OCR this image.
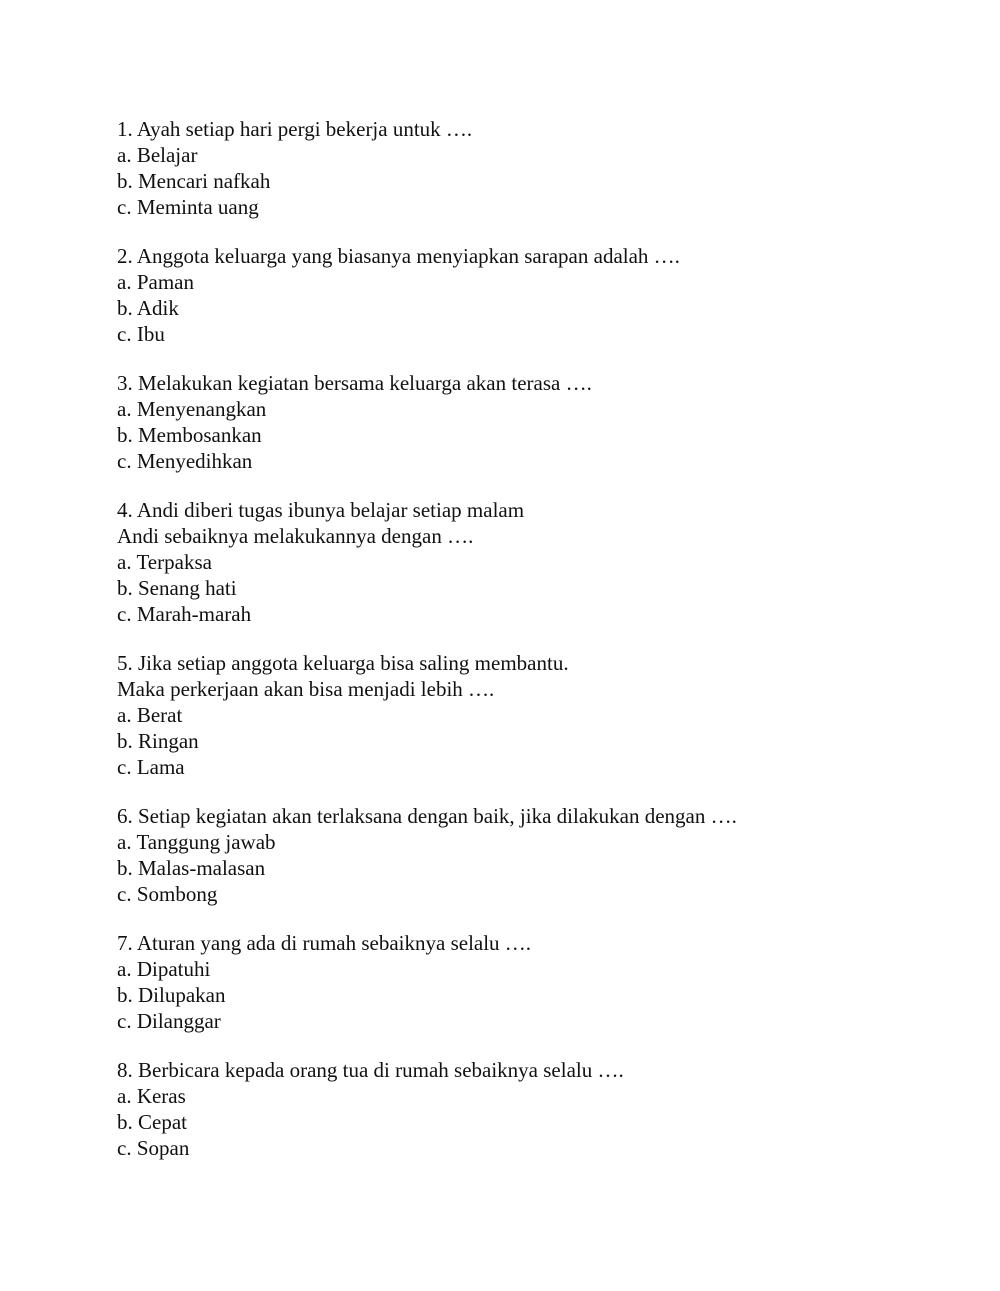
1. Ayah setiap hari pergi bekerja untuk ….
a. Belajar
b. Mencari nafkah
c. Meminta uang
2. Anggota keluarga yang biasanya menyiapkan sarapan adalah ….
a. Paman
b. Adik
c. Ibu
3. Melakukan kegiatan bersama keluarga akan terasa ….
a. Menyenangkan
b. Membosankan
c. Menyedihkan
4. Andi diberi tugas ibunya belajar setiap malam
Andi sebaiknya melakukannya dengan ….
a. Terpaksa
b. Senang hati
c. Marah-marah
5. Jika setiap anggota keluarga bisa saling membantu.
Maka perkerjaan akan bisa menjadi lebih ….
a. Berat
b. Ringan
c. Lama
6. Setiap kegiatan akan terlaksana dengan baik, jika dilakukan dengan ….
a. Tanggung jawab
b. Malas-malasan
c. Sombong
7. Aturan yang ada di rumah sebaiknya selalu ….
a. Dipatuhi
b. Dilupakan
c. Dilanggar
8. Berbicara kepada orang tua di rumah sebaiknya selalu ….
a. Keras
b. Cepat
c. Sopan
